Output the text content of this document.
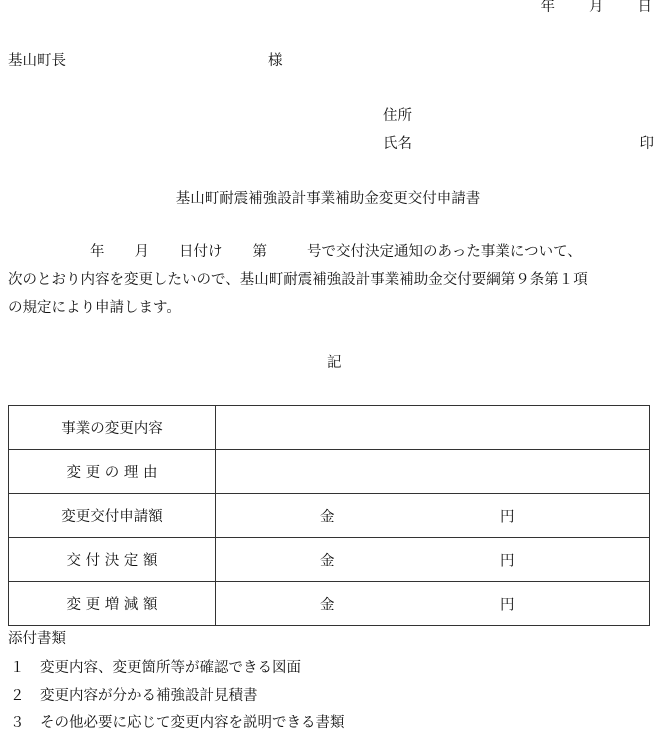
年 月 日
基山町長	様
住所
氏名	印
基山町耐震補強設計事業補助金変更交付申請書
年 月 日付け 第	号で交付決定通知のあった事業について、
次のとおり内容を変更したいので、基山町耐震補強設計事業補助金交付要綱第９条第１項
の規定により申請します。
記
事業の変更内容	

変 更 の 理 由	

変更交付申請額	金 円

交 付 決 定 額	金 円

変 更 増 減 額	金 円
添付書類
１ 変更内容、変更箇所等が確認できる図面
２ 変更内容が分かる補強設計見積書
３ その他必要に応じて変更内容を説明できる書類
